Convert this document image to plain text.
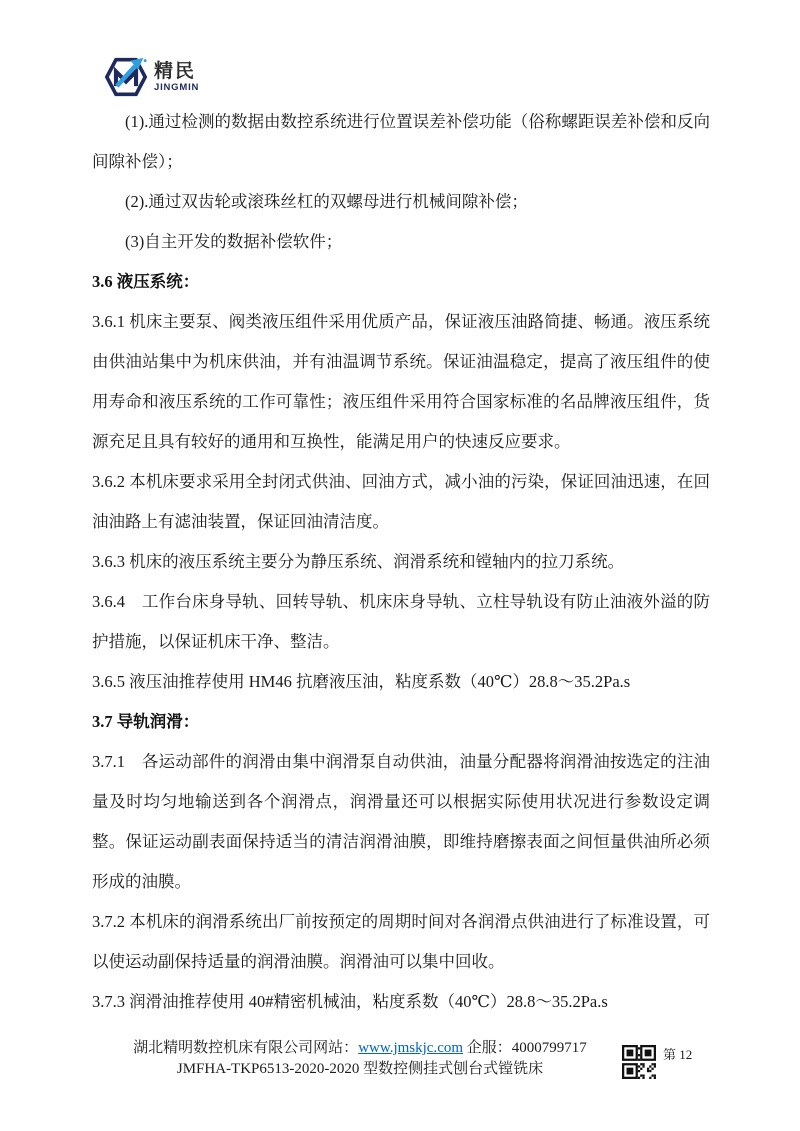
精民
JINGMIN

(1).通过检测的数据由数控系统进行位置误差补偿功能（俗称螺距误差补偿和反向间隙补偿）；

(2).通过双齿轮或滚珠丝杠的双螺母进行机械间隙补偿；

(3)自主开发的数据补偿软件；

3.6 液压系统：

3.6.1 机床主要泵、阀类液压组件采用优质产品，保证液压油路简捷、畅通。液压系统由供油站集中为机床供油，并有油温调节系统。保证油温稳定，提高了液压组件的使用寿命和液压系统的工作可靠性；液压组件采用符合国家标准的名品牌液压组件，货源充足且具有较好的通用和互换性，能满足用户的快速反应要求。

3.6.2 本机床要求采用全封闭式供油、回油方式，减小油的污染，保证回油迅速，在回油油路上有滤油装置，保证回油清洁度。

3.6.3 机床的液压系统主要分为静压系统、润滑系统和镗轴内的拉刀系统。

3.6.4　工作台床身导轨、回转导轨、机床床身导轨、立柱导轨设有防止油液外溢的防护措施，以保证机床干净、整洁。

3.6.5 液压油推荐使用 HM46 抗磨液压油，粘度系数（40℃）28.8～35.2Pa.s

3.7 导轨润滑：

3.7.1　各运动部件的润滑由集中润滑泵自动供油，油量分配器将润滑油按选定的注油量及时均匀地输送到各个润滑点，润滑量还可以根据实际使用状况进行参数设定调整。保证运动副表面保持适当的清洁润滑油膜，即维持磨擦表面之间恒量供油所必须形成的油膜。

3.7.2 本机床的润滑系统出厂前按预定的周期时间对各润滑点供油进行了标准设置，可以使运动副保持适量的润滑油膜。润滑油可以集中回收。

3.7.3 润滑油推荐使用 40#精密机械油，粘度系数（40℃）28.8～35.2Pa.s

湖北精明数控机床有限公司网站：www.jmskjc.com 企服：4000799717
JMFHA-TKP6513-2020-2020 型数控侧挂式刨台式镗铣床
第 12
